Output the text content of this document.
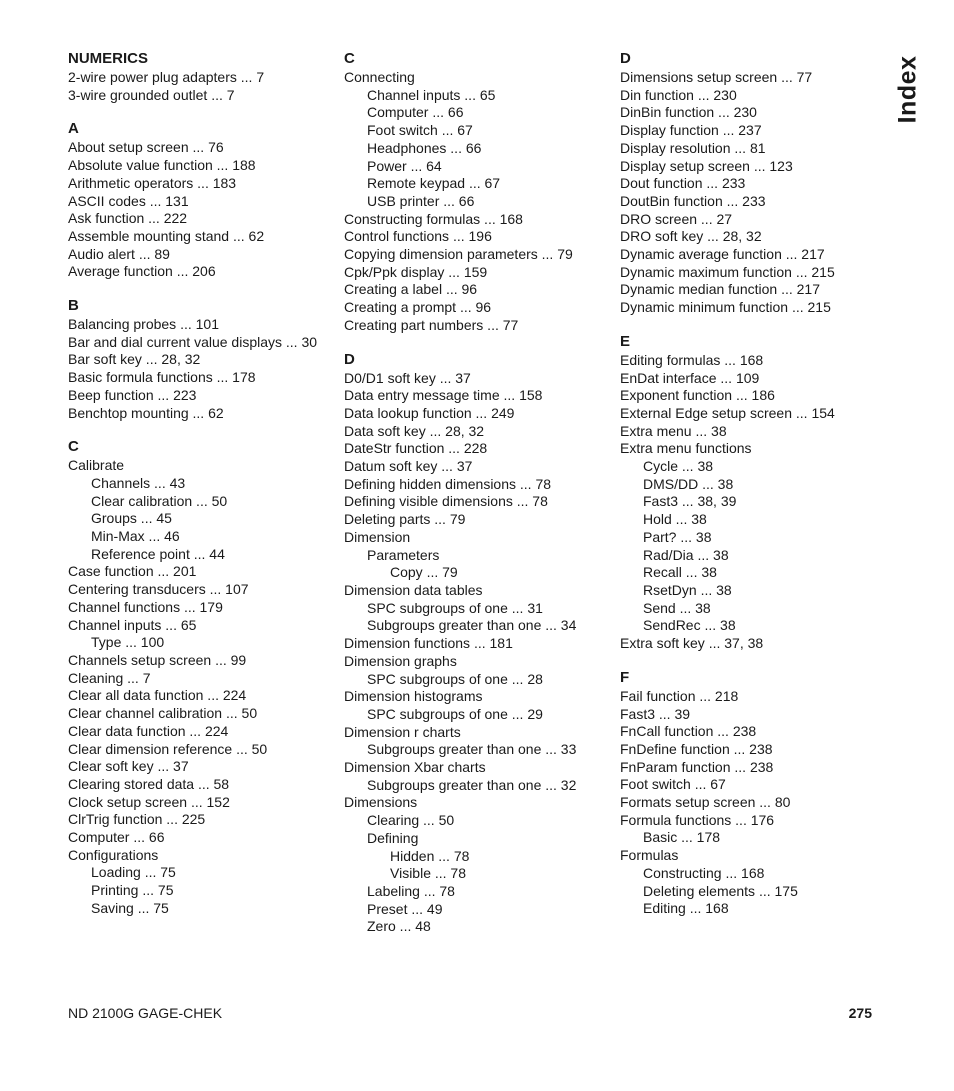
NUMERICS
2-wire power plug adapters ... 7
3-wire grounded outlet ... 7
A
About setup screen ... 76
Absolute value function ... 188
Arithmetic operators ... 183
ASCII codes ... 131
Ask function ... 222
Assemble mounting stand ... 62
Audio alert ... 89
Average function ... 206
B
Balancing probes ... 101
Bar and dial current value displays ... 30
Bar soft key ... 28, 32
Basic formula functions ... 178
Beep function ... 223
Benchtop mounting ... 62
C
Calibrate
Channels ... 43
Clear calibration ... 50
Groups ... 45
Min-Max ... 46
Reference point ... 44
Case function ... 201
Centering transducers ... 107
Channel functions ... 179
Channel inputs ... 65
Type ... 100
Channels setup screen ... 99
Cleaning ... 7
Clear all data function ... 224
Clear channel calibration ... 50
Clear data function ... 224
Clear dimension reference ... 50
Clear soft key ... 37
Clearing stored data ... 58
Clock setup screen ... 152
ClrTrig function ... 225
Computer ... 66
Configurations
Loading ... 75
Printing ... 75
Saving ... 75
C
Connecting
Channel inputs ... 65
Computer ... 66
Foot switch ... 67
Headphones ... 66
Power ... 64
Remote keypad ... 67
USB printer ... 66
Constructing formulas ... 168
Control functions ... 196
Copying dimension parameters ... 79
Cpk/Ppk display ... 159
Creating a label ... 96
Creating a prompt ... 96
Creating part numbers ... 77
D
D0/D1 soft key ... 37
Data entry message time ... 158
Data lookup function ... 249
Data soft key ... 28, 32
DateStr function ... 228
Datum soft key ... 37
Defining hidden dimensions ... 78
Defining visible dimensions ... 78
Deleting parts ... 79
Dimension
Parameters
Copy ... 79
Dimension data tables
SPC subgroups of one ... 31
Subgroups greater than one ... 34
Dimension functions ... 181
Dimension graphs
SPC subgroups of one ... 28
Dimension histograms
SPC subgroups of one ... 29
Dimension r charts
Subgroups greater than one ... 33
Dimension Xbar charts
Subgroups greater than one ... 32
Dimensions
Clearing ... 50
Defining
Hidden ... 78
Visible ... 78
Labeling ... 78
Preset ... 49
Zero ... 48
D
Dimensions setup screen ... 77
Din function ... 230
DinBin function ... 230
Display function ... 237
Display resolution ... 81
Display setup screen ... 123
Dout function ... 233
DoutBin function ... 233
DRO screen ... 27
DRO soft key ... 28, 32
Dynamic average function ... 217
Dynamic maximum function ... 215
Dynamic median function ... 217
Dynamic minimum function ... 215
E
Editing formulas ... 168
EnDat interface ... 109
Exponent function ... 186
External Edge setup screen ... 154
Extra menu ... 38
Extra menu functions
Cycle ... 38
DMS/DD ... 38
Fast3 ... 38, 39
Hold ... 38
Part? ... 38
Rad/Dia ... 38
Recall ... 38
RsetDyn ... 38
Send ... 38
SendRec ... 38
Extra soft key ... 37, 38
F
Fail function ... 218
Fast3 ... 39
FnCall function ... 238
FnDefine function ... 238
FnParam function ... 238
Foot switch ... 67
Formats setup screen ... 80
Formula functions ... 176
Basic ... 178
Formulas
Constructing ... 168
Deleting elements ... 175
Editing ... 168
Index
ND 2100G GAGE-CHEK	275
